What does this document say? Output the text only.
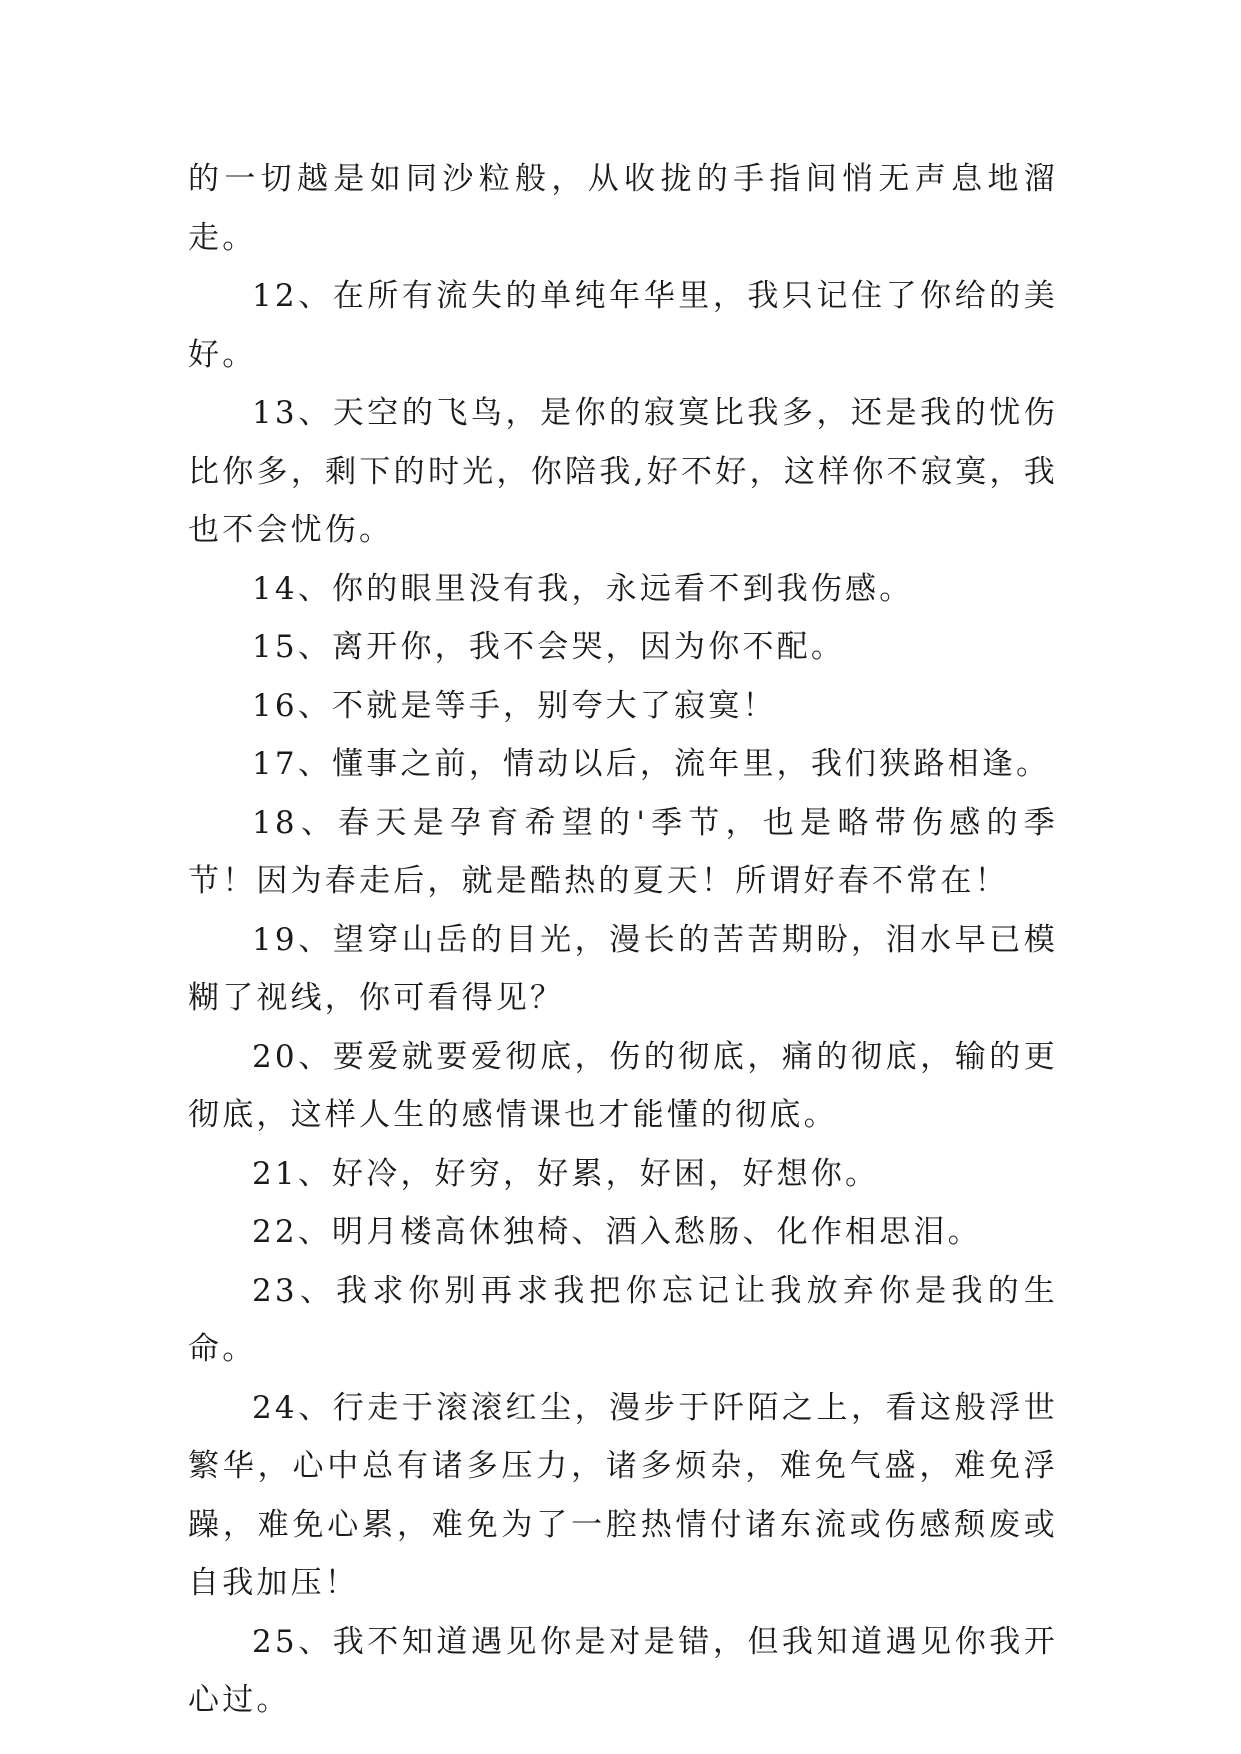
的一切越是如同沙粒般，从收拢的手指间悄无声息地溜走。

12、在所有流失的单纯年华里，我只记住了你给的美好。

13、天空的飞鸟，是你的寂寞比我多，还是我的忧伤比你多，剩下的时光，你陪我,好不好，这样你不寂寞，我也不会忧伤。

14、你的眼里没有我，永远看不到我伤感。

15、离开你，我不会哭，因为你不配。

16、不就是等手，别夸大了寂寞！

17、懂事之前，情动以后，流年里，我们狭路相逢。

18、春天是孕育希望的'季节，也是略带伤感的季节！因为春走后，就是酷热的夏天！所谓好春不常在！

19、望穿山岳的目光，漫长的苦苦期盼，泪水早已模糊了视线，你可看得见？

20、要爱就要爱彻底，伤的彻底，痛的彻底，输的更彻底，这样人生的感情课也才能懂的彻底。

21、好冷，好穷，好累，好困，好想你。

22、明月楼高休独椅、酒入愁肠、化作相思泪。

23、我求你别再求我把你忘记让我放弃你是我的生命。

24、行走于滚滚红尘，漫步于阡陌之上，看这般浮世繁华，心中总有诸多压力，诸多烦杂，难免气盛，难免浮躁，难免心累，难免为了一腔热情付诸东流或伤感颓废或自我加压！

25、我不知道遇见你是对是错，但我知道遇见你我开心过。
